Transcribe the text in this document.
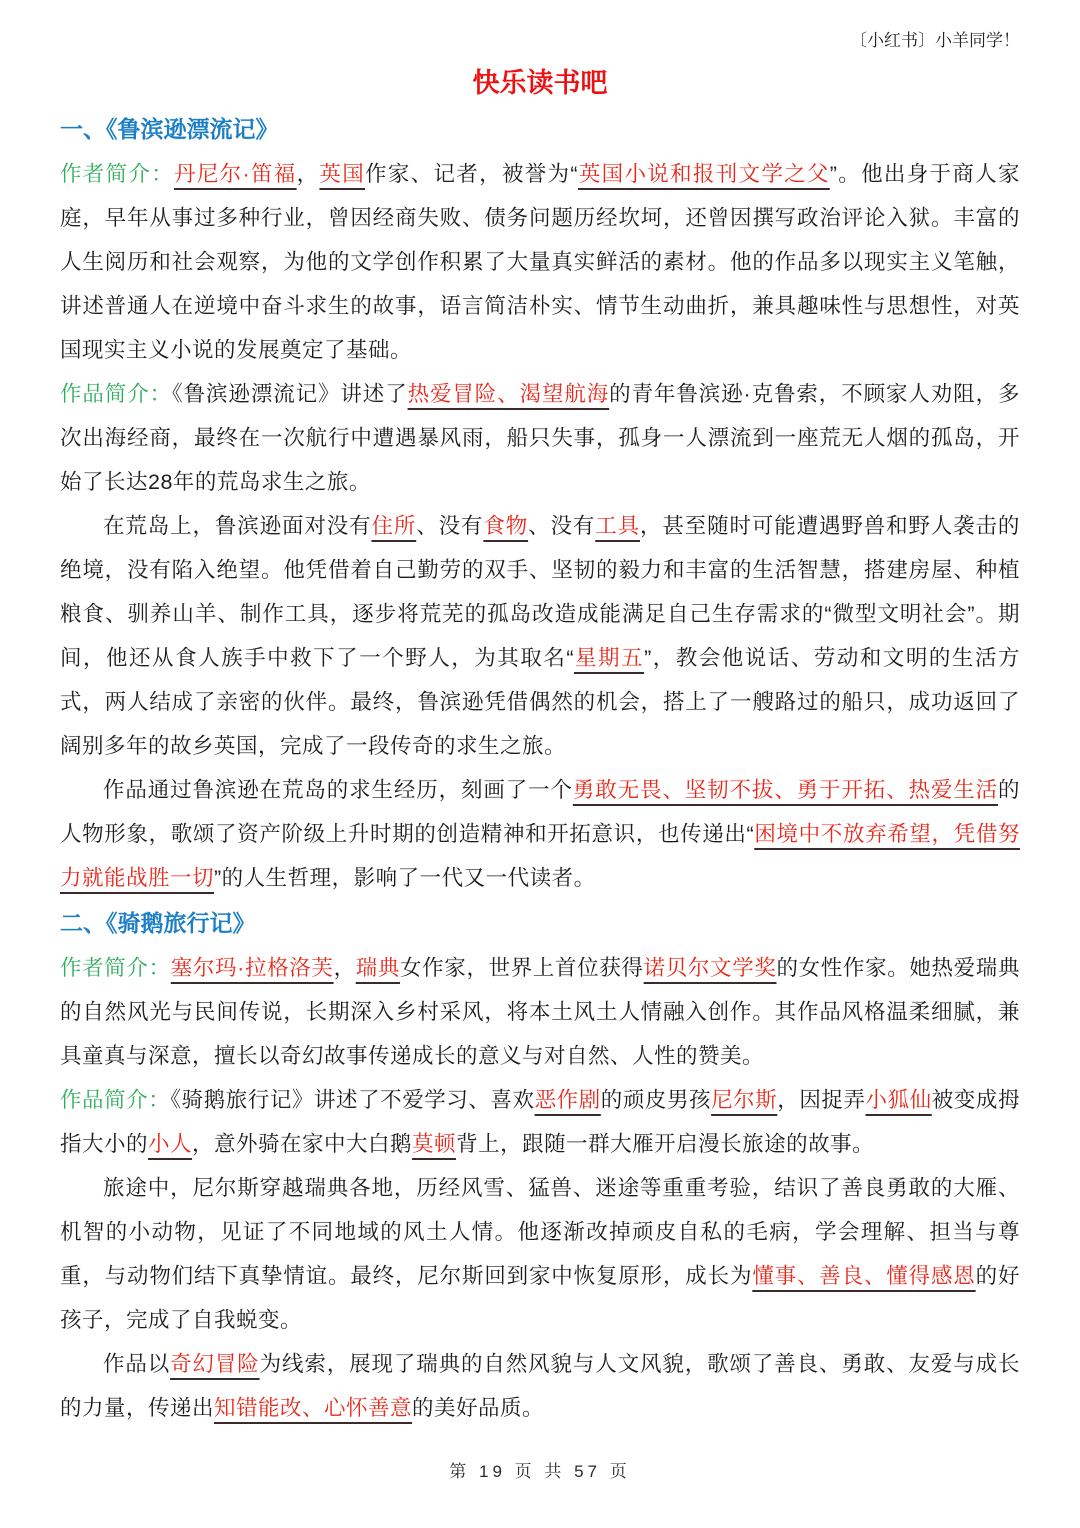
〔小红书〕小羊同学！
快乐读书吧
一、《鲁滨逊漂流记》

作者简介：丹尼尔·笛福，英国作家、记者，被誉为“英国小说和报刊文学之父”。他出身于商人家庭，早年从事过多种行业，曾因经商失败、债务问题历经坎坷，还曾因撰写政治评论入狱。丰富的人生阅历和社会观察，为他的文学创作积累了大量真实鲜活的素材。他的作品多以现实主义笔触，讲述普通人在逆境中奋斗求生的故事，语言简洁朴实、情节生动曲折，兼具趣味性与思想性，对英国现实主义小说的发展奠定了基础。

作品简介：《鲁滨逊漂流记》讲述了热爱冒险、渴望航海的青年鲁滨逊·克鲁索，不顾家人劝阻，多次出海经商，最终在一次航行中遭遇暴风雨，船只失事，孤身一人漂流到一座荒无人烟的孤岛，开始了长达28年的荒岛求生之旅。

在荒岛上，鲁滨逊面对没有住所、没有食物、没有工具，甚至随时可能遭遇野兽和野人袭击的绝境，没有陷入绝望。他凭借着自己勤劳的双手、坚韧的毅力和丰富的生活智慧，搭建房屋、种植粮食、驯养山羊、制作工具，逐步将荒芜的孤岛改造成能满足自己生存需求的“微型文明社会”。期间，他还从食人族手中救下了一个野人，为其取名“星期五”，教会他说话、劳动和文明的生活方式，两人结成了亲密的伙伴。最终，鲁滨逊凭借偶然的机会，搭上了一艘路过的船只，成功返回了阔别多年的故乡英国，完成了一段传奇的求生之旅。

作品通过鲁滨逊在荒岛的求生经历，刻画了一个勇敢无畏、坚韧不拔、勇于开拓、热爱生活的人物形象，歌颂了资产阶级上升时期的创造精神和开拓意识，也传递出“困境中不放弃希望，凭借努力就能战胜一切”的人生哲理，影响了一代又一代读者。

二、《骑鹅旅行记》

作者简介：塞尔玛·拉格洛芙，瑞典女作家，世界上首位获得诺贝尔文学奖的女性作家。她热爱瑞典的自然风光与民间传说，长期深入乡村采风，将本土风土人情融入创作。其作品风格温柔细腻，兼具童真与深意，擅长以奇幻故事传递成长的意义与对自然、人性的赞美。

作品简介：《骑鹅旅行记》讲述了不爱学习、喜欢恶作剧的顽皮男孩尼尔斯，因捉弄小狐仙被变成拇指大小的小人，意外骑在家中大白鹅莫顿背上，跟随一群大雁开启漫长旅途的故事。

旅途中，尼尔斯穿越瑞典各地，历经风雪、猛兽、迷途等重重考验，结识了善良勇敢的大雁、机智的小动物，见证了不同地域的风土人情。他逐渐改掉顽皮自私的毛病，学会理解、担当与尊重，与动物们结下真挚情谊。最终，尼尔斯回到家中恢复原形，成长为懂事、善良、懂得感恩的好孩子，完成了自我蜕变。

作品以奇幻冒险为线索，展现了瑞典的自然风貌与人文风貌，歌颂了善良、勇敢、友爱与成长的力量，传递出知错能改、心怀善意的美好品质。

第 19 页 共 57 页
